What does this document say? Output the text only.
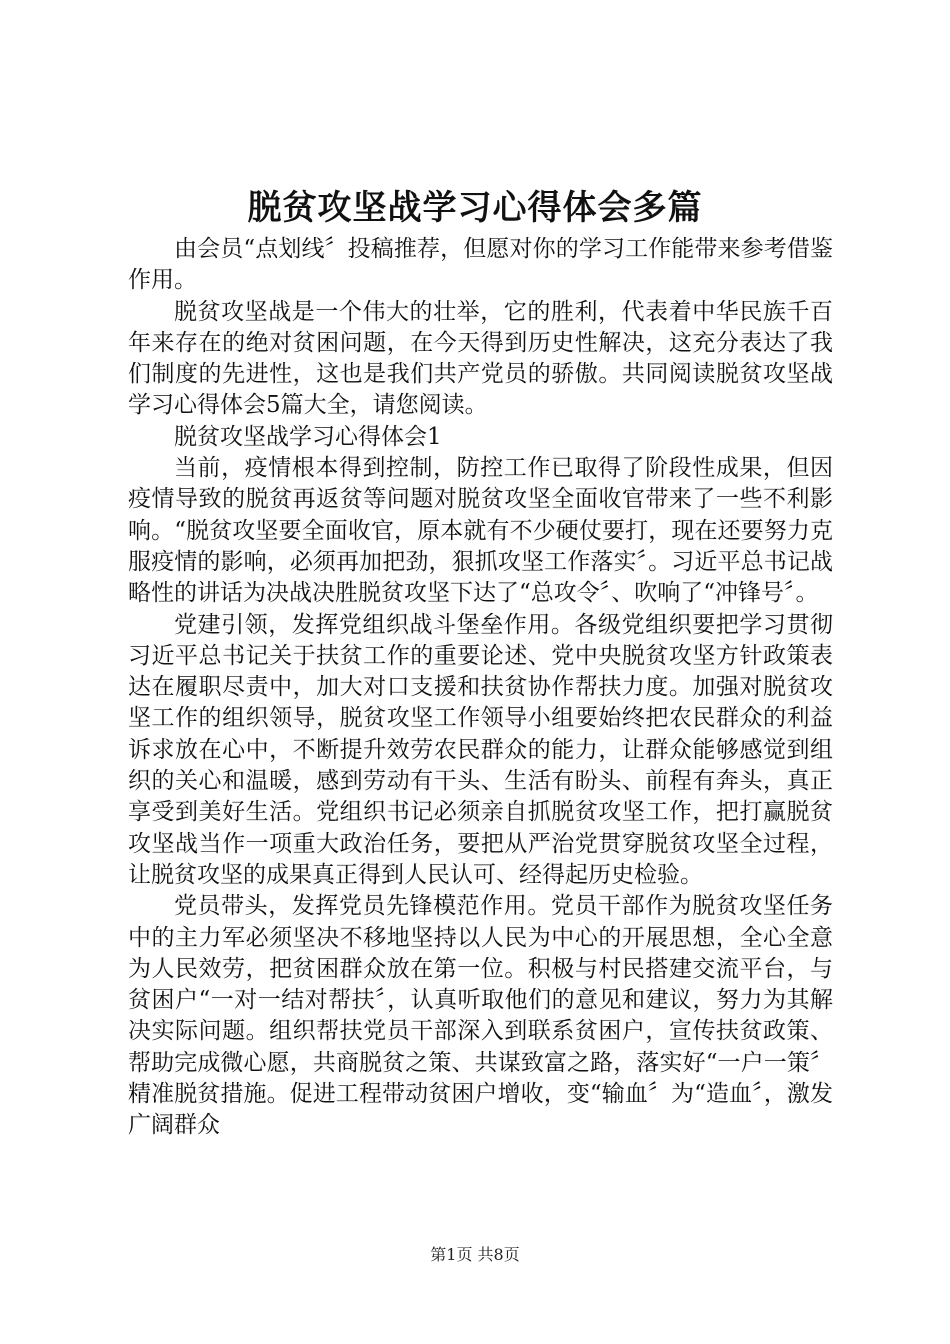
脱贫攻坚战学习心得体会多篇

由会员“点划线〞投稿推荐，但愿对你的学习工作能带来参考借鉴作用。

脱贫攻坚战是一个伟大的壮举，它的胜利，代表着中华民族千百年来存在的绝对贫困问题，在今天得到历史性解决，这充分表达了我们制度的先进性，这也是我们共产党员的骄傲。共同阅读脱贫攻坚战学习心得体会5篇大全，请您阅读。

脱贫攻坚战学习心得体会1

当前，疫情根本得到控制，防控工作已取得了阶段性成果，但因疫情导致的脱贫再返贫等问题对脱贫攻坚全面收官带来了一些不利影响。“脱贫攻坚要全面收官，原本就有不少硬仗要打，现在还要努力克服疫情的影响，必须再加把劲，狠抓攻坚工作落实〞。习近平总书记战略性的讲话为决战决胜脱贫攻坚下达了“总攻令〞、吹响了“冲锋号〞。

党建引领，发挥党组织战斗堡垒作用。各级党组织要把学习贯彻习近平总书记关于扶贫工作的重要论述、党中央脱贫攻坚方针政策表达在履职尽责中，加大对口支援和扶贫协作帮扶力度。加强对脱贫攻坚工作的组织领导，脱贫攻坚工作领导小组要始终把农民群众的利益诉求放在心中，不断提升效劳农民群众的能力，让群众能够感觉到组织的关心和温暖，感到劳动有干头、生活有盼头、前程有奔头，真正享受到美好生活。党组织书记必须亲自抓脱贫攻坚工作，把打赢脱贫攻坚战当作一项重大政治任务，要把从严治党贯穿脱贫攻坚全过程，让脱贫攻坚的成果真正得到人民认可、经得起历史检验。

党员带头，发挥党员先锋模范作用。党员干部作为脱贫攻坚任务中的主力军必须坚决不移地坚持以人民为中心的开展思想，全心全意为人民效劳，把贫困群众放在第一位。积极与村民搭建交流平台，与贫困户“一对一结对帮扶〞，认真听取他们的意见和建议，努力为其解决实际问题。组织帮扶党员干部深入到联系贫困户，宣传扶贫政策、帮助完成微心愿，共商脱贫之策、共谋致富之路，落实好“一户一策〞精准脱贫措施。促进工程带动贫困户增收，变“输血〞为“造血〞，激发广阔群众

第1页 共8页
